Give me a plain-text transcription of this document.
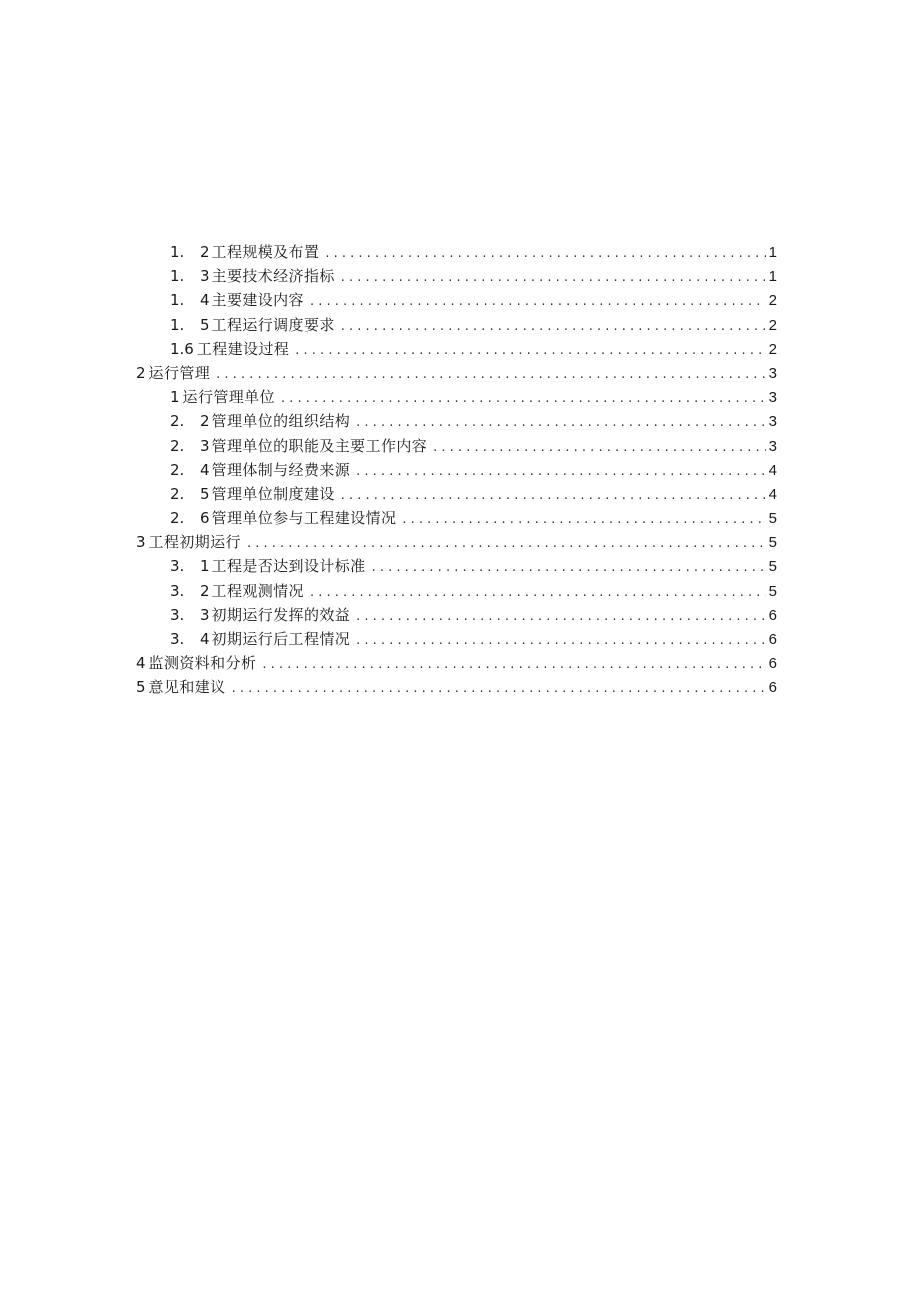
1.	2 工程规模及布置 . . .	1
1.	3 主要技术经济指标 . . .	1
1.	4 主要建设内容 . . .	2
1.	5 工程运行调度要求 . . .	2
1.6 工程建设过程 . . .	2
2 运行管理 . . .	3
1 运行管理单位 . . .	3
2.	2 管理单位的组织结构 . . .	3
2.	3 管理单位的职能及主要工作内容 . . .	3
2.	4 管理体制与经费来源 . . .	4
2.	5 管理单位制度建设 . . .	4
2.	6 管理单位参与工程建设情况 . . .	5
3 工程初期运行 . . .	5
3.	1 工程是否达到设计标准 . . .	5
3.	2 工程观测情况 . . .	5
3.	3 初期运行发挥的效益 . . .	6
3.	4 初期运行后工程情况 . . .	6
4 监测资料和分析 . . .	6
5 意见和建议 . . .	6
